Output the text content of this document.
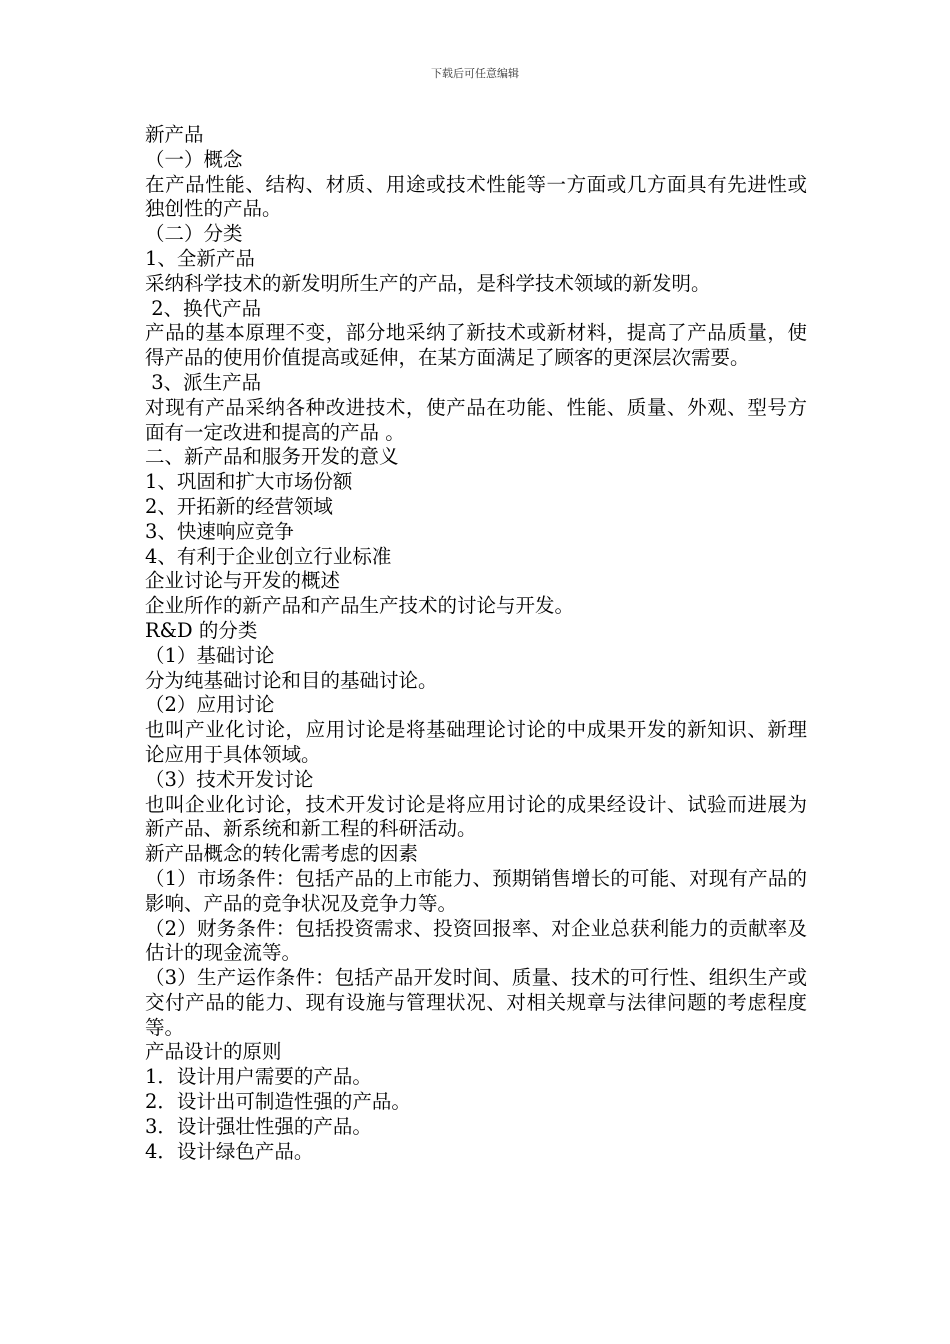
下载后可任意编辑
新产品
（一）概念
在产品性能、结构、材质、用途或技术性能等一方面或几方面具有先进性或独创性的产品。
（二）分类
1、全新产品
采纳科学技术的新发明所生产的产品，是科学技术领域的新发明。
2、换代产品
产品的基本原理不变，部分地采纳了新技术或新材料，提高了产品质量，使得产品的使用价值提高或延伸，在某方面满足了顾客的更深层次需要。
3、派生产品
对现有产品采纳各种改进技术，使产品在功能、性能、质量、外观、型号方面有一定改进和提高的产品 。
二、新产品和服务开发的意义
1、巩固和扩大市场份额
2、开拓新的经营领域
3、快速响应竞争
4、有利于企业创立行业标准
企业讨论与开发的概述
企业所作的新产品和产品生产技术的讨论与开发。
R&D 的分类
（1）基础讨论
分为纯基础讨论和目的基础讨论。
（2）应用讨论
也叫产业化讨论，应用讨论是将基础理论讨论的中成果开发的新知识、新理论应用于具体领域。
（3）技术开发讨论
也叫企业化讨论，技术开发讨论是将应用讨论的成果经设计、试验而进展为新产品、新系统和新工程的科研活动。
新产品概念的转化需考虑的因素
（1）市场条件：包括产品的上市能力、预期销售增长的可能、对现有产品的影响、产品的竞争状况及竞争力等。
（2）财务条件：包括投资需求、投资回报率、对企业总获利能力的贡献率及估计的现金流等。
（3）生产运作条件：包括产品开发时间、质量、技术的可行性、组织生产或交付产品的能力、现有设施与管理状况、对相关规章与法律问题的考虑程度等。
产品设计的原则
1．设计用户需要的产品。
2．设计出可制造性强的产品。
3．设计强壮性强的产品。
4．设计绿色产品。
